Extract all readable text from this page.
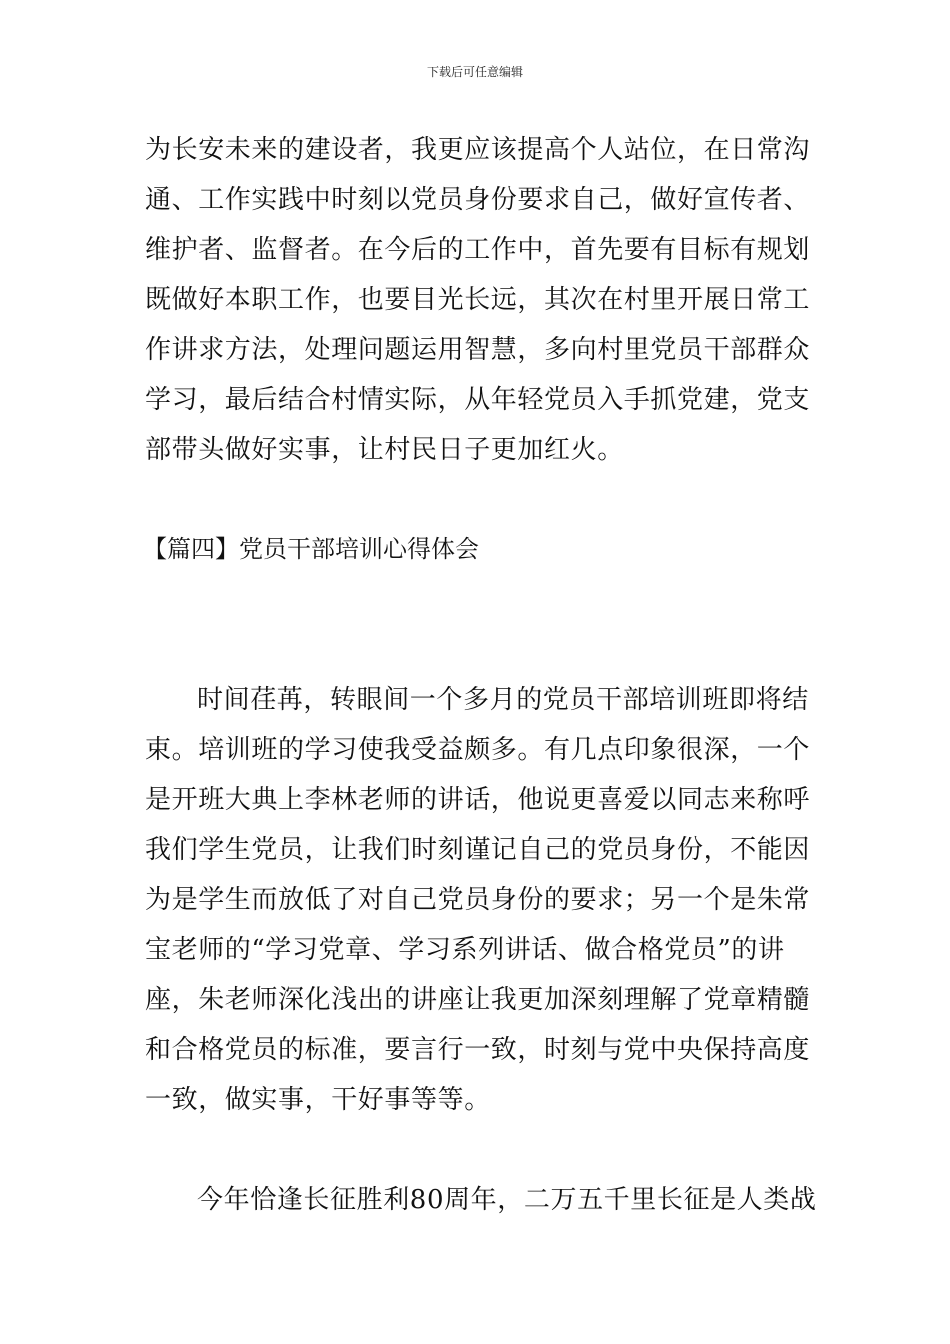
下载后可任意编辑
为长安未来的建设者，我更应该提高个人站位，在日常沟
通、工作实践中时刻以党员身份要求自己，做好宣传者、
维护者、监督者。在今后的工作中，首先要有目标有规划
既做好本职工作，也要目光长远，其次在村里开展日常工
作讲求方法，处理问题运用智慧，多向村里党员干部群众
学习，最后结合村情实际，从年轻党员入手抓党建，党支
部带头做好实事，让村民日子更加红火。
【篇四】党员干部培训心得体会
时间荏苒，转眼间一个多月的党员干部培训班即将结
束。培训班的学习使我受益颇多。有几点印象很深，一个
是开班大典上李林老师的讲话，他说更喜爱以同志来称呼
我们学生党员，让我们时刻谨记自己的党员身份，不能因
为是学生而放低了对自己党员身份的要求；另一个是朱常
宝老师的“学习党章、学习系列讲话、做合格党员”的讲
座，朱老师深化浅出的讲座让我更加深刻理解了党章精髓
和合格党员的标准，要言行一致，时刻与党中央保持高度
一致，做实事，干好事等等。
今年恰逢长征胜利80周年，二万五千里长征是人类战
